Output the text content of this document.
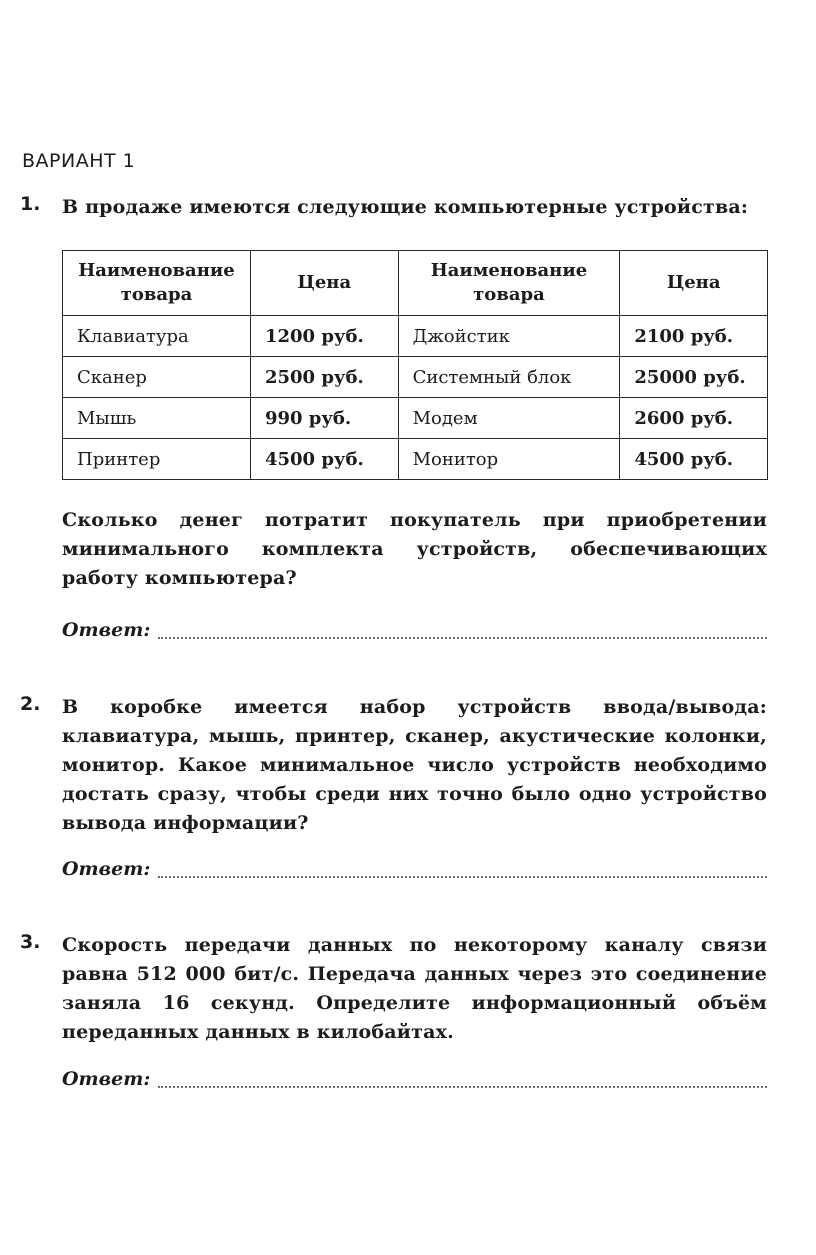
ВАРИАНТ 1
1. В продаже имеются следующие компьютерные устройства:
Наименование товара	Цена	Наименование товара	Цена
Клавиатура	1200 руб.	Джойстик	2100 руб.
Сканер	2500 руб.	Системный блок	25000 руб.
Мышь	990 руб.	Модем	2600 руб.
Принтер	4500 руб.	Монитор	4500 руб.
Сколько денег потратит покупатель при приобретении минимального комплекта устройств, обеспечивающих работу компьютера?
Ответ:
2. В коробке имеется набор устройств ввода/вывода: клавиатура, мышь, принтер, сканер, акустические колонки, монитор. Какое минимальное число устройств необходимо достать сразу, чтобы среди них точно было одно устройство вывода информации?
Ответ:
3. Скорость передачи данных по некоторому каналу связи равна 512 000 бит/с. Передача данных через это соединение заняла 16 секунд. Определите информационный объём переданных данных в килобайтах.
Ответ:
